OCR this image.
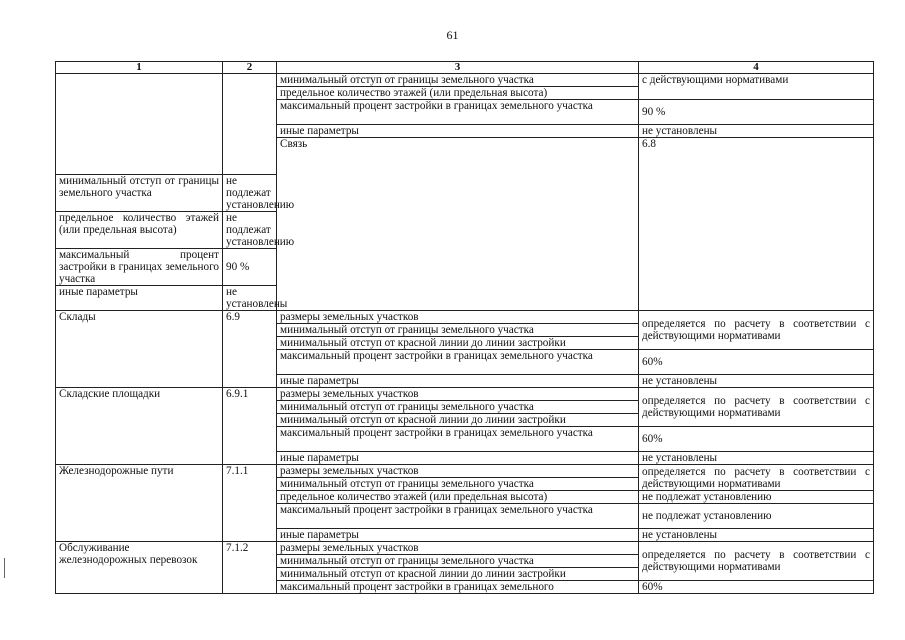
61
1	2	3	4	
		минимальный отступ от границы земельного участка	с действующими нормативами	
		предельное количество этажей (или предельная высота)		
		максимальный процент застройки в границах земельного участка	90 %	
		иные параметры	не установлены	
		Связь	6.8		
минимальный отступ от границы земельного участка	не подлежат установлению			
предельное количество этажей (или предельная высота)	не подлежат установлению			
максимальный процент застройки в границах земельного участка	90 %			
иные параметры	не установлены			
Склады	6.9	размеры земельных участков	определяется по расчету в соответствии с действующими нормативами	
		минимальный отступ от границы земельного участка		
		минимальный отступ от красной линии до линии застройки		
		максимальный процент застройки в границах земельного участка	60%	
		иные параметры	не установлены	
Складские площадки	6.9.1	размеры земельных участков	определяется по расчету в соответствии с действующими нормативами	
		минимальный отступ от границы земельного участка		
		минимальный отступ от красной линии до линии застройки		
		максимальный процент застройки в границах земельного участка	60%	
		иные параметры	не установлены	
Железнодорожные пути	7.1.1	размеры земельных участков	определяется по расчету в соответствии с действующими нормативами	
		минимальный отступ от границы земельного участка		
		предельное количество этажей (или предельная высота)	не подлежат установлению	
		максимальный процент застройки в границах земельного участка	не подлежат установлению	
		иные параметры	не установлены	
Обслуживание железнодорожных перевозок	7.1.2	размеры земельных участков	определяется по расчету в соответствии с действующими нормативами	
		минимальный отступ от границы земельного участка		
		минимальный отступ от красной линии до линии застройки		
		максимальный процент застройки в границах земельного	60%	
